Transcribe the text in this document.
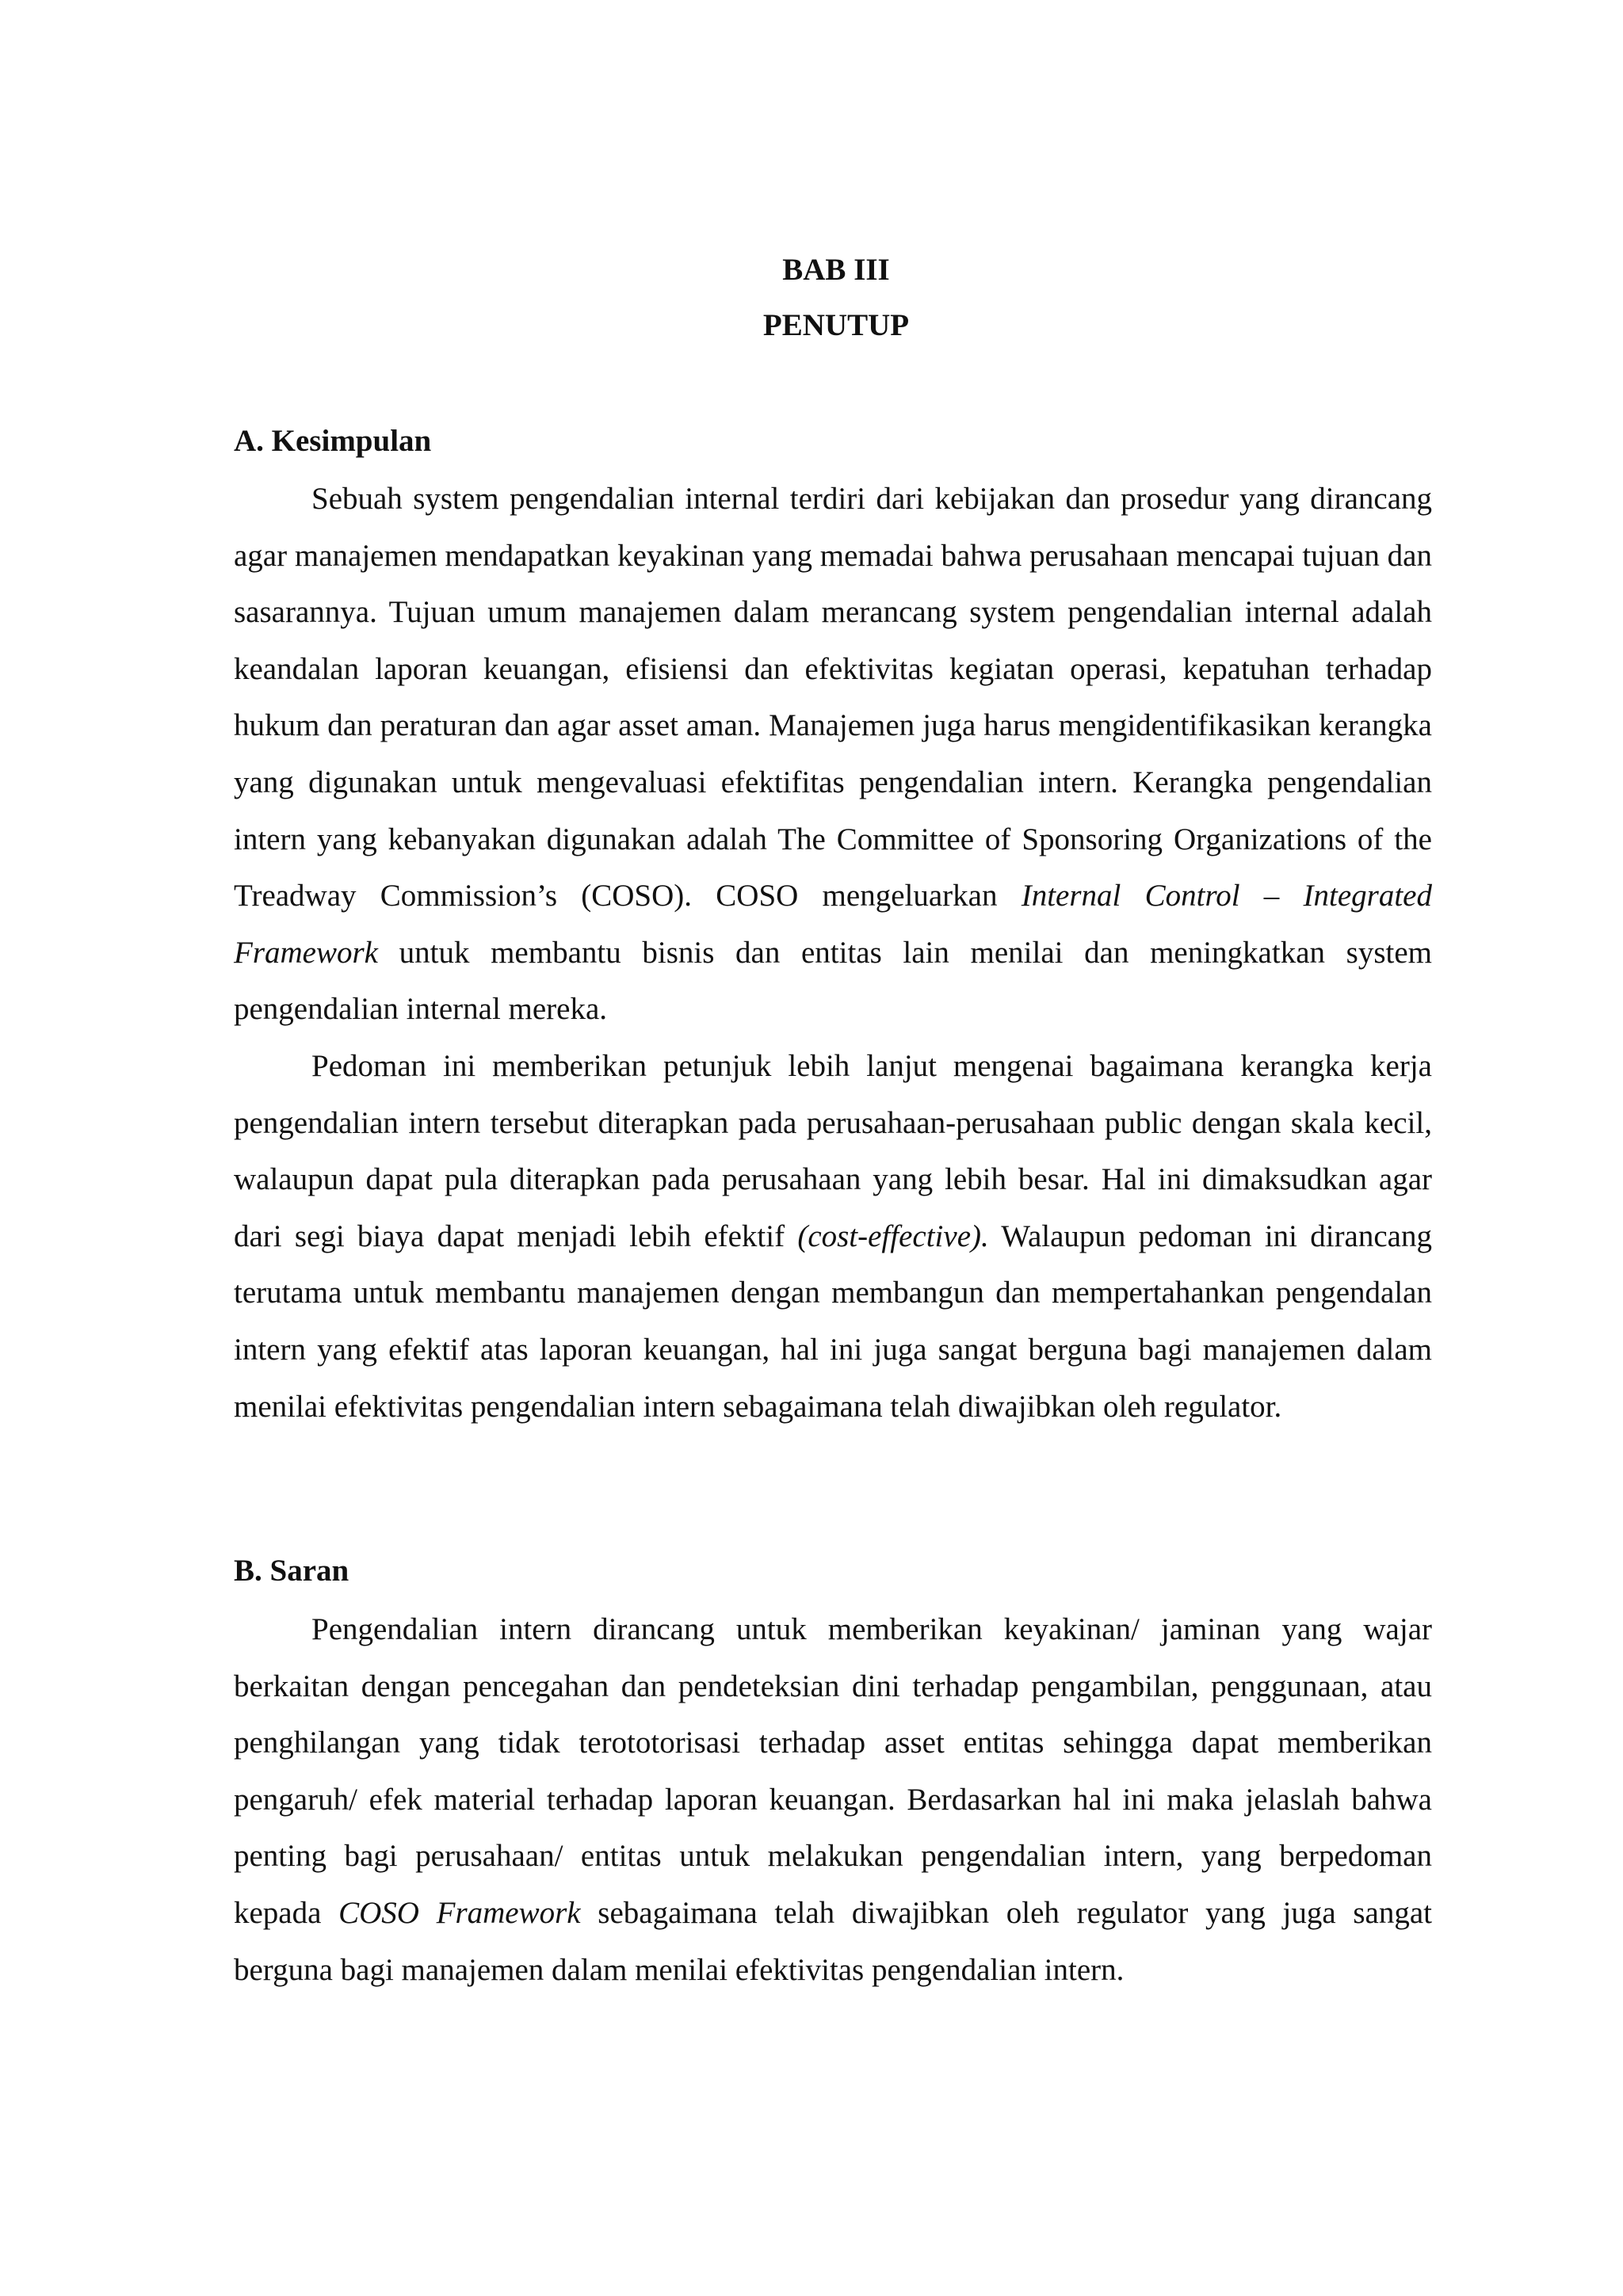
BAB III
PENUTUP
A. Kesimpulan

Sebuah system pengendalian internal terdiri dari kebijakan dan prosedur yang dirancang agar manajemen mendapatkan keyakinan yang memadai bahwa perusahaan mencapai tujuan dan sasarannya. Tujuan umum manajemen dalam merancang system pengendalian internal adalah keandalan laporan keuangan, efisiensi dan efektivitas kegiatan operasi, kepatuhan terhadap hukum dan peraturan dan agar asset aman. Manajemen juga harus mengidentifikasikan kerangka yang digunakan untuk mengevaluasi efektifitas pengendalian intern. Kerangka pengendalian intern yang kebanyakan digunakan adalah The Committee of Sponsoring Organizations of the Treadway Commission’s (COSO). COSO mengeluarkan Internal Control – Integrated Framework untuk membantu bisnis dan entitas lain menilai dan meningkatkan system pengendalian internal mereka.

Pedoman ini memberikan petunjuk lebih lanjut mengenai bagaimana kerangka kerja pengendalian intern tersebut diterapkan pada perusahaan-perusahaan public dengan skala kecil, walaupun dapat pula diterapkan pada perusahaan yang lebih besar. Hal ini dimaksudkan agar dari segi biaya dapat menjadi lebih efektif (cost-effective). Walaupun pedoman ini dirancang terutama untuk membantu manajemen dengan membangun dan mempertahankan pengendalan intern yang efektif atas laporan keuangan, hal ini juga sangat berguna bagi manajemen dalam menilai efektivitas pengendalian intern sebagaimana telah diwajibkan oleh regulator.

B. Saran

Pengendalian intern dirancang untuk memberikan keyakinan/ jaminan yang wajar berkaitan dengan pencegahan dan pendeteksian dini terhadap pengambilan, penggunaan, atau penghilangan yang tidak terototorisasi terhadap asset entitas sehingga dapat memberikan pengaruh/ efek material terhadap laporan keuangan. Berdasarkan hal ini maka jelaslah bahwa penting bagi perusahaan/ entitas untuk melakukan pengendalian intern, yang berpedoman kepada COSO Framework sebagaimana telah diwajibkan oleh regulator yang juga sangat berguna bagi manajemen dalam menilai efektivitas pengendalian intern.
